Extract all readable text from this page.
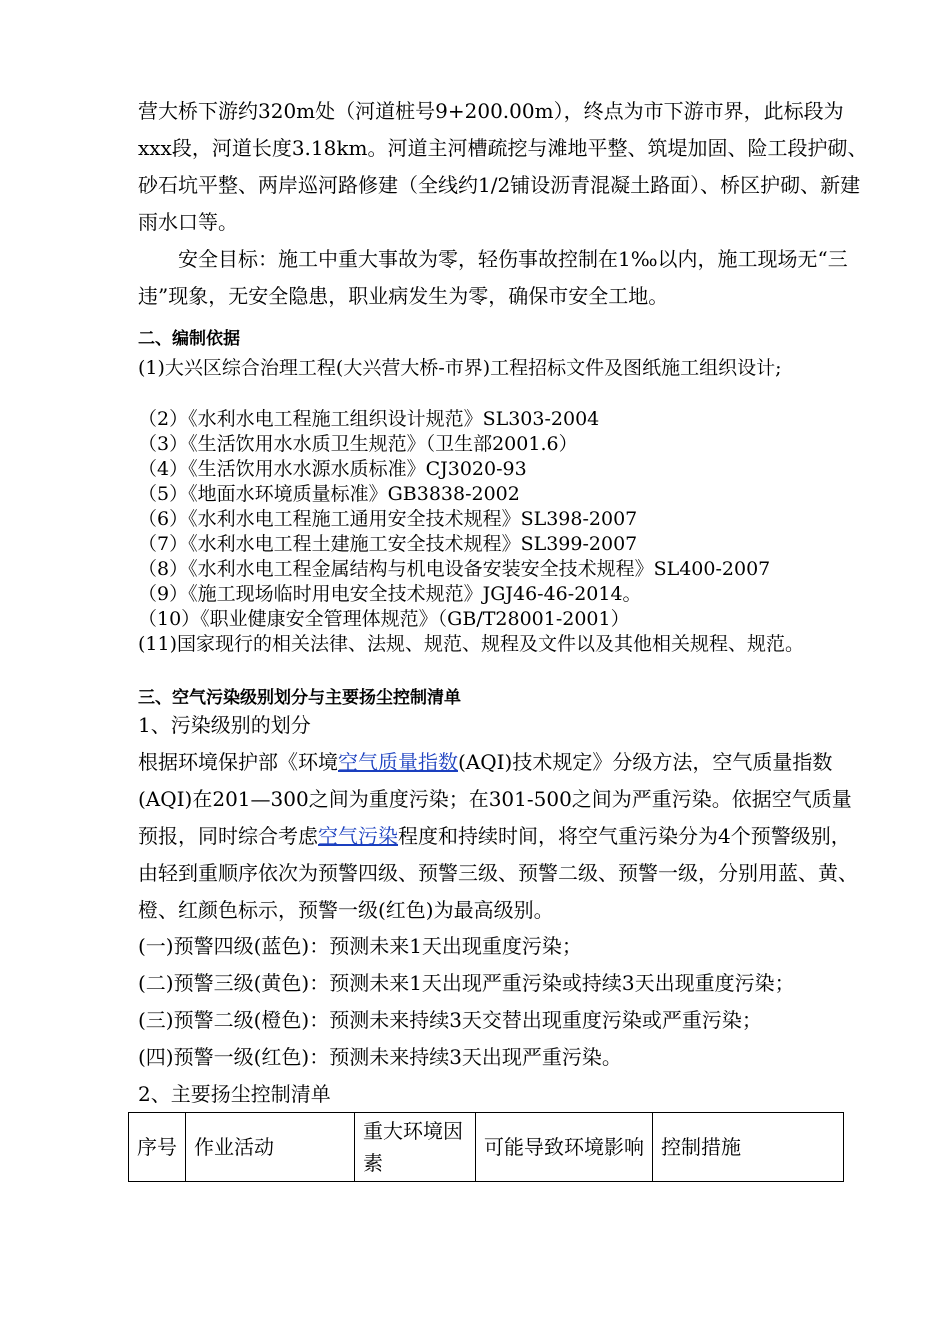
营大桥下游约320m处（河道桩号9+200.00m），终点为市下游市界，此标段为xxx段，河道长度3.18km。河道主河槽疏挖与滩地平整、筑堤加固、险工段护砌、砂石坑平整、两岸巡河路修建（全线约1/2铺设沥青混凝土路面）、桥区护砌、新建雨水口等。

安全目标：施工中重大事故为零，轻伤事故控制在1‰以内，施工现场无“三违”现象，无安全隐患，职业病发生为零，确保市安全工地。

二、编制依据

(1)大兴区综合治理工程(大兴营大桥-市界)工程招标文件及图纸施工组织设计;

（2）《水利水电工程施工组织设计规范》SL303-2004

（3）《生活饮用水水质卫生规范》（卫生部2001.6）

（4）《生活饮用水水源水质标准》CJ3020-93

（5）《地面水环境质量标准》GB3838-2002

（6）《水利水电工程施工通用安全技术规程》SL398-2007

（7）《水利水电工程土建施工安全技术规程》SL399-2007

（8）《水利水电工程金属结构与机电设备安装安全技术规程》SL400-2007

（9）《施工现场临时用电安全技术规范》JGJ46-46-2014。

（10）《职业健康安全管理体规范》（GB/T28001-2001）

(11)国家现行的相关法律、法规、规范、规程及文件以及其他相关规程、规范。

三、空气污染级别划分与主要扬尘控制清单

1、污染级别的划分

根据环境保护部《环境空气质量指数(AQI)技术规定》分级方法，空气质量指数(AQI)在201—300之间为重度污染；在301-500之间为严重污染。依据空气质量预报，同时综合考虑空气污染程度和持续时间，将空气重污染分为4个预警级别，由轻到重顺序依次为预警四级、预警三级、预警二级、预警一级，分别用蓝、黄、橙、红颜色标示，预警一级(红色)为最高级别。

(一)预警四级(蓝色)：预测未来1天出现重度污染；

(二)预警三级(黄色)：预测未来1天出现严重污染或持续3天出现重度污染；

(三)预警二级(橙色)：预测未来持续3天交替出现重度污染或严重污染；

(四)预警一级(红色)：预测未来持续3天出现严重污染。

2、主要扬尘控制清单

序号	作业活动	重大环境因素	可能导致环境影响	控制措施
